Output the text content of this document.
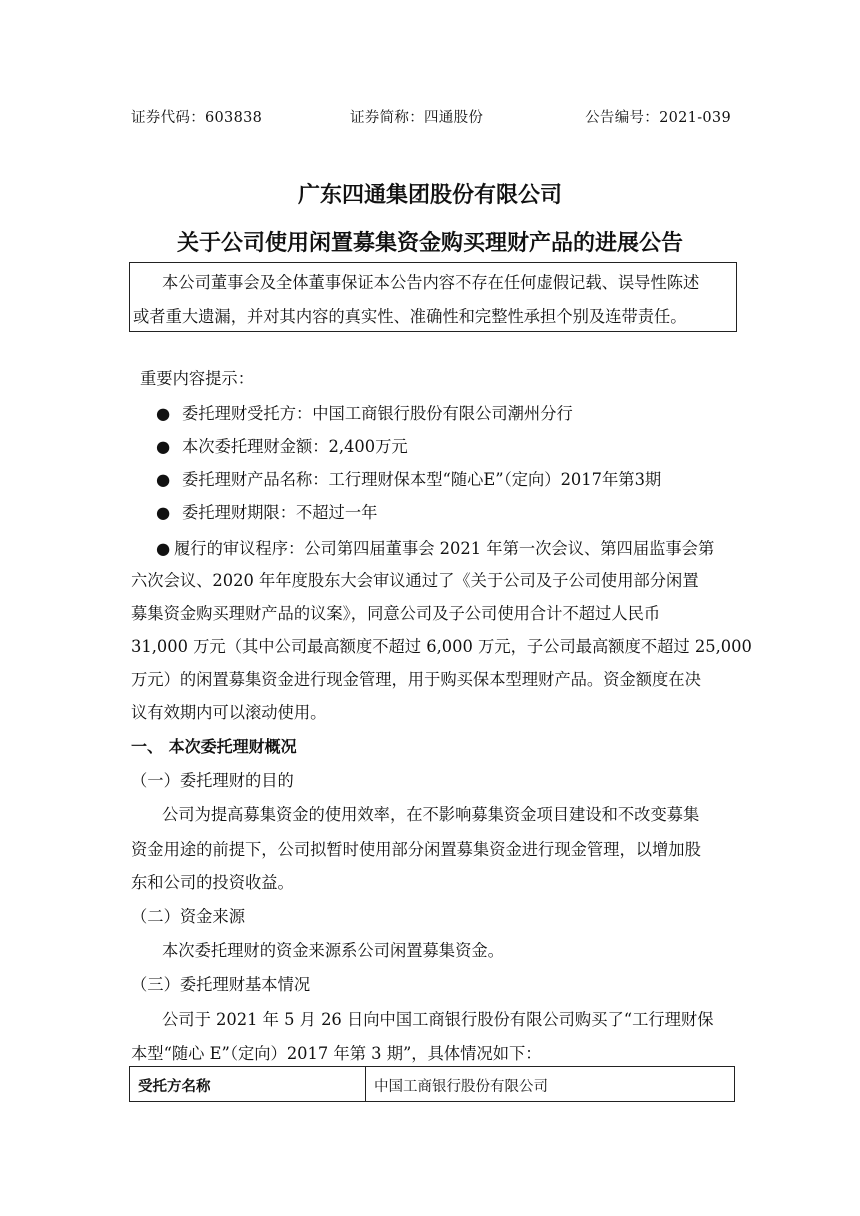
证券代码：603838	证券简称：四通股份	公告编号：2021-039
广东四通集团股份有限公司
关于公司使用闲置募集资金购买理财产品的进展公告

本公司董事会及全体董事保证本公告内容不存在任何虚假记载、误导性陈述

或者重大遗漏，并对其内容的真实性、准确性和完整性承担个别及连带责任。

重要内容提示：
● 委托理财受托方：中国工商银行股份有限公司潮州分行
● 本次委托理财金额：2,400万元
● 委托理财产品名称：工行理财保本型“随心E”（定向）2017年第3期
● 委托理财期限：不超过一年
● 履行的审议程序：公司第四届董事会 2021 年第一次会议、第四届监事会第
六次会议、2020 年年度股东大会审议通过了《关于公司及子公司使用部分闲置
募集资金购买理财产品的议案》，同意公司及子公司使用合计不超过人民币
31,000 万元（其中公司最高额度不超过 6,000 万元，子公司最高额度不超过 25,000
万元）的闲置募集资金进行现金管理，用于购买保本型理财产品。资金额度在决
议有效期内可以滚动使用。
一、 本次委托理财概况
（一）委托理财的目的
公司为提高募集资金的使用效率，在不影响募集资金项目建设和不改变募集
资金用途的前提下，公司拟暂时使用部分闲置募集资金进行现金管理，以增加股
东和公司的投资收益。
（二）资金来源
本次委托理财的资金来源系公司闲置募集资金。
（三）委托理财基本情况
公司于 2021 年 5 月 26 日向中国工商银行股份有限公司购买了“工行理财保
本型“随心 E”（定向）2017 年第 3 期”，具体情况如下：
受托方名称	中国工商银行股份有限公司
